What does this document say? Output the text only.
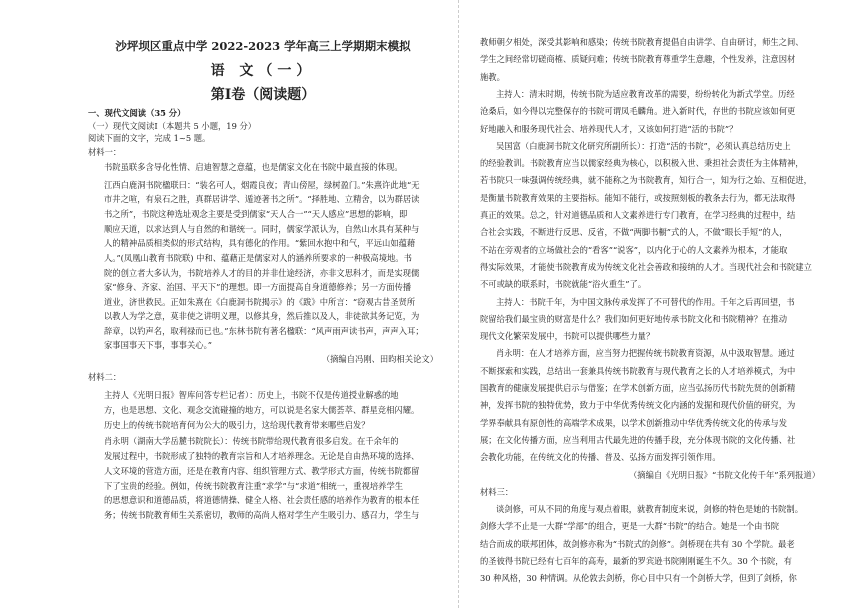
沙坪坝区重点中学 2022-2023 学年高三上学期期末模拟
语 文（一）
第Ⅰ卷（阅读题）
一、现代文阅读（35 分）
（一）现代文阅读Ⅰ（本题共 5 小题，19 分）
阅读下面的文字，完成 1~5 题。
材料一：
书院虽联多含导化性情、启迪智慧之意蕴，也是儒家文化在书院中最直接的体现。
江西白鹿洞书院楹联曰：“装名可人，烟霞良夜；青山傍屋，绿树盈门。”朱熹许此地“无
市井之喧，有泉石之胜，真群居讲学、遁迹著书之所”。“择胜地、立精舍，以为群居读
书之所”，书院这种选址观念主要是受到儒家“天人合一”“天人感应”思想的影响，即
顺应天道，以求达到人与自然的和谐统一。同时，儒家学派认为，自然山水具有某种与
人的精神品质相类似的形式结构，具有德化的作用。“紫回水抱中和气，平远山如蕴藉
人。”(凤凰山教育书院联) 中和、蕴藉正是儒家对人的涵养所要求的一种极高境地。书
院的创立者大多认为，书院培养人才的目的并非仕途经济，亦非文思科才，而是实现儒
家“修身、齐家、治国、平天下”的理想。即一方面提高自身道德修养；另一方面传播
道业，济世救民。正如朱熹在《白鹿洞书院揭示》的《跋》中所言：“窃观古昔圣贤所
以教人为学之意，莫非使之讲明义理，以修其身，然后推以及人，非徒欲其务记览，为
辞章，以钓声名，取利禄而已也。”东林书院有著名楹联：“风声雨声读书声，声声入耳；
家事国事天下事，事事关心。”
（摘编自冯刚、田昀相关论文）
材料二：
主持人《光明日报》智库问答专栏记者）：历史上，书院不仅是传道授业解惑的地
方，也是思想、文化、观念交流碰撞的地方，可以说是名家大儒荟萃、群星竞相闪耀。
历史上的传统书院培育何为公大的吸引力，这给现代教育带来哪些启发？
肖永明（湖南大学岳麓书院院长）：传统书院带给现代教育很多启发。在千余年的
发展过程中，书院形成了独特的教育宗旨和人才培养理念。无论是自由热环境的选择、
人文环境的营造方面，还是在教育内容、组织管理方式、教学形式方面，传统书院都留
下了宝贵的经验。例如，传统书院教育注重“求学”与“求道”相统一，重视培养学生
的思想意识和道德品质，将道德情操、健全人格、社会责任感的培养作为教育的根本任
务；传统书院教育师生关系密切，教师的高尚人格对学生产生吸引力、感召力，学生与
教师朝夕相处，深受其影响和感染；传统书院教育提倡自由讲学、自由研讨，师生之间、
学生之间经常切磋商榷、质疑问难；传统书院教育尊重学生意趣，个性发养，注意因材
施教。
主持人：清末时期，传统书院为适应教育改革的需要，纷纷转化为新式学堂。历经
沧桑后，如今得以完整保存的书院可谓凤毛麟角。进入新时代，存世的书院应该如何更
好地融入和服务现代社会、培养现代人才，又该如何打造“活的书院”？
吴国富（白鹿洞书院文化研究所副所长）：打造“活的书院”，必须认真总结历史上
的经验教训。书院教育应当以儒家经典为核心，以积极入世、秉担社会责任为主体精神，
若书院只一味强调传统经典，就不能称之为书院教育，知行合一，知为行之始、互相促进，
是衡量书院教育效果的主要指标。能知不能行，或按照刻板的教条去行为，都无法取得
真正的效果。总之，针对道德品质和人文素养进行专门教育，在学习经典的过程中，结
合社会实践，不断进行反思、反省，不做“两脚书橱”式的人，不做“眼长手短”的人，
不站在旁观者的立场做社会的“看客”“说客”，以内化于心的人文素养为根本，才能取
得实际效果，才能使书院教育成为传统文化社会善政和接纳的人才。当现代社会和书院建立
不可或缺的联系时，书院就能“浴火重生”了。
主持人：书院千年，为中国文脉传承发挥了不可替代的作用。千年之后再回望，书
院留给我们最宝贵的财富是什么？我们如何更好地传承书院文化和书院精神？在推动
现代文化繁荣发展中，书院可以提供哪些力量？
肖永明：在人才培养方面，应当努力把握传统书院教育资源，从中汲取智慧。通过
不断探索和实践，总结出一套兼具传统书院教育与现代教育之长的人才培养模式，为中
国教育的健康发展提供启示与借鉴；在学术创新方面，应当弘扬历代书院先贤的创新精
神，发挥书院的独特优势，致力于中华优秀传统文化内涵的发掘和现代价值的研究，为
学界奉献具有原创性的高端学术成果，以学术创新推动中华优秀传统文化的传承与发
展；在文化传播方面，应当利用古代最先进的传播手段，充分体现书院的文化传播、社
会教化功能，在传统文化的传播、普及、弘扬方面发挥引领作用。
（摘编自《光明日报》“书院文化传千年”系列报道）
材料三：
谈剑修，可从不同的角度与观点着眼，就教育制度来说，剑修的特色是她的书院制。
剑修大学不止是一大群“学部”的组合，更是一大群“书院”的结合。她是一个由书院
结合而成的联邦团体，故剑修亦称为“书院式的剑修”。剑桥现在共有 30 个学院。最老
的圣彼得书院已经有七百年的高寿，最新的罗宾逊书院刚刚诞生不久。30 个书院，有
30 种风格，30 种情调。从伦敦去剑桥，你心目中只有一个剑桥大学，但到了剑桥，你
